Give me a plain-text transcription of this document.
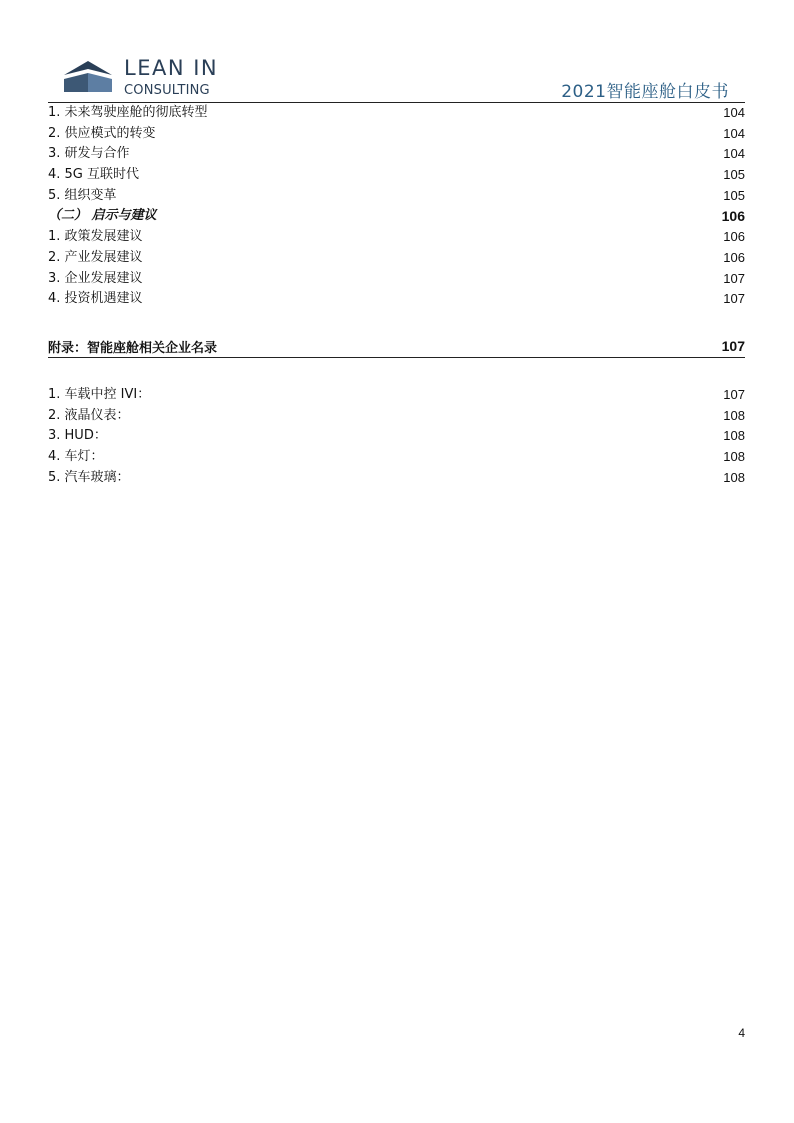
LEAN IN
CONSULTING	2021智能座舱白皮书
1. 未来驾驶座舱的彻底转型	104
2. 供应模式的转变	104
3. 研发与合作	104
4. 5G 互联时代	105
5. 组织变革	105
（二） 启示与建议	106
1. 政策发展建议	106
2. 产业发展建议	106
3. 企业发展建议	107
4. 投资机遇建议	107
附录：智能座舱相关企业名录	107
1. 车载中控 IVI：	107
2. 液晶仪表：	108
3. HUD：	108
4. 车灯：	108
5. 汽车玻璃：	108
4
